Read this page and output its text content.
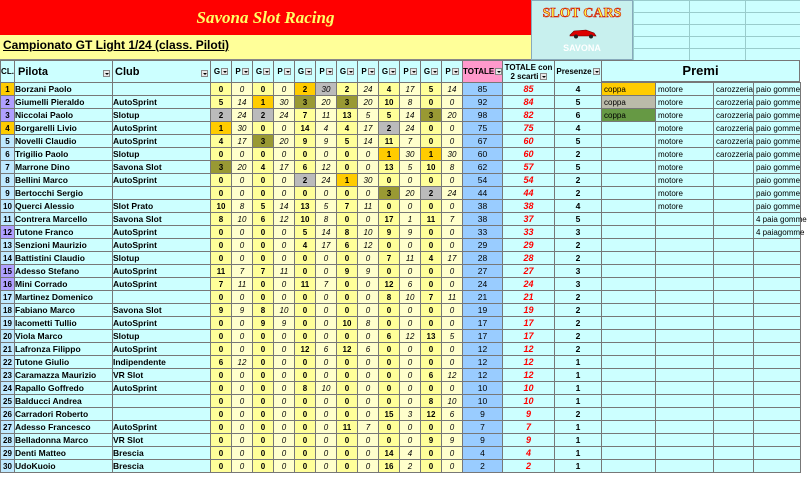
Savona Slot Racing	SLOT CARS
SAVONA
Campionato GT Light 1/24 (class. Piloti)
CL.	Pilota	Club	G	P	G	P	G	P	G	P	G	P	G	P	TOTALE	TOTALE con 2 scarti	Presenze
1	Borzani Paolo		0	0	0	0	2	30	2	24	4	17	5	14	85	85	4
2	Giumelli Pieraldo	AutoSprint	5	14	1	30	3	20	3	20	10	8	0	0	92	84	5
3	Niccolai Paolo	Slotup	2	24	2	24	7	11	13	5	5	14	3	20	98	82	6
4	Borgarelli Livio	AutoSprint	1	30	0	0	14	4	4	17	2	24	0	0	75	75	4
5	Novelli Claudio	AutoSprint	4	17	3	20	9	9	5	14	11	7	0	0	67	60	5
6	Trigilio Paolo	Slotup	0	0	0	0	0	0	0	0	1	30	1	30	60	60	2
7	Marrone Dino	Savona Slot	3	20	4	17	6	12	0	0	13	5	10	8	62	57	5
8	Bellini Marco	AutoSprint	0	0	0	0	2	24	1	30	0	0	0	0	54	54	2
9	Bertocchi Sergio		0	0	0	0	0	0	0	0	3	20	2	24	44	44	2
10	Querci Alessio	Slot Prato	10	8	5	14	13	5	7	11	0	0	0	0	38	38	4
11	Contrera Marcello	Savona Slot	8	10	6	12	10	8	0	0	17	1	11	7	38	37	5
12	Tutone Franco	AutoSprint	0	0	0	0	5	14	8	10	9	9	0	0	33	33	3
13	Senzioni Maurizio	AutoSprint	0	0	0	0	4	17	6	12	0	0	0	0	29	29	2
14	Battistini Claudio	Slotup	0	0	0	0	0	0	0	0	7	11	4	17	28	28	2
15	Adesso Stefano	AutoSprint	11	7	7	11	0	0	9	9	0	0	0	0	27	27	3
16	Mini Corrado	AutoSprint	7	11	0	0	11	7	0	0	12	6	0	0	24	24	3
17	Martinez Domenico		0	0	0	0	0	0	0	0	8	10	7	11	21	21	2
18	Fabiano Marco	Savona Slot	9	9	8	10	0	0	0	0	0	0	0	0	19	19	2
19	Iacometti Tullio	AutoSprint	0	0	9	9	0	0	10	8	0	0	0	0	17	17	2
20	Viola Marco	Slotup	0	0	0	0	0	0	0	0	6	12	13	5	17	17	2
21	Lafronza Filippo	AutoSprint	0	0	0	0	12	6	12	6	0	0	0	0	12	12	2
22	Tutone Giulio	Indipendente	6	12	0	0	0	0	0	0	0	0	0	0	12	12	1
23	Caramazza Maurizio	VR Slot	0	0	0	0	0	0	0	0	0	0	6	12	12	12	1
24	Rapallo Goffredo	AutoSprint	0	0	0	0	8	10	0	0	0	0	0	0	10	10	1
25	Balducci Andrea		0	0	0	0	0	0	0	0	0	0	8	10	10	10	1
26	Carradori Roberto		0	0	0	0	0	0	0	0	15	3	12	6	9	9	2
27	Adesso Francesco	AutoSprint	0	0	0	0	0	0	11	7	0	0	0	0	7	7	1
28	Belladonna Marco	VR Slot	0	0	0	0	0	0	0	0	0	0	9	9	9	9	1
29	Denti Matteo	Brescia	0	0	0	0	0	0	0	0	14	4	0	0	4	4	1
30	UdoKuoio	Brescia	0	0	0	0	0	0	0	0	16	2	0	0	2	2	1
Premi
coppa	motore	carozzeria	paio gomme
coppa	motore	carozzeria	paio gomme
coppa	motore	carozzeria	paio gomme
	motore	carozzeria	paio gomme
	motore	carozzeria	paio gomme
	motore	carozzeria	paio gomme
	motore		paio gomme
	motore		paio gomme
	motore		paio gomme
	motore		paio gomme
			4 paia gomme
			4 paiagomme
